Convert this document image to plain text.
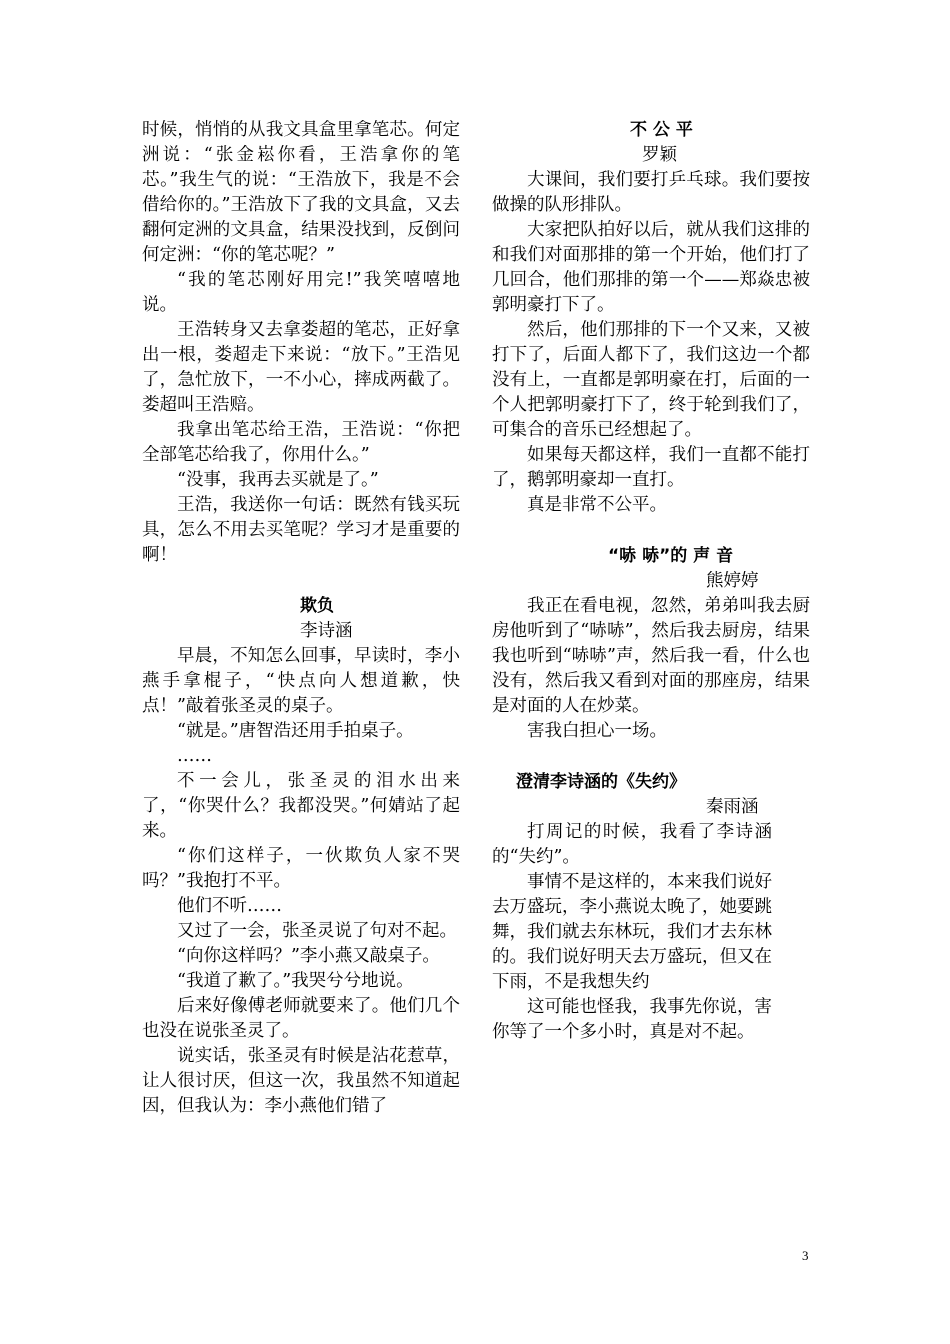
时候，悄悄的从我文具盒里拿笔芯。何定洲说：“张金崧你看，王浩拿你的笔芯。”我生气的说：“王浩放下，我是不会借给你的。”王浩放下了我的文具盒，又去翻何定洲的文具盒，结果没找到，反倒问何定洲：“你的笔芯呢？”

“我的笔芯刚好用完!”我笑嘻嘻地说。

王浩转身又去拿娄超的笔芯，正好拿出一根，娄超走下来说：“放下。”王浩见了，急忙放下，一不小心，摔成两截了。娄超叫王浩赔。

我拿出笔芯给王浩，王浩说：“你把全部笔芯给我了，你用什么。”

“没事，我再去买就是了。”

王浩，我送你一句话：既然有钱买玩具，怎么不用去买笔呢？学习才是重要的啊！

欺负

李诗涵

早晨，不知怎么回事，早读时，李小燕手拿棍子，“快点向人想道歉，快点！”敲着张圣灵的桌子。

“就是。”唐智浩还用手拍桌子。

……

不一会儿，张圣灵的泪水出来了，“你哭什么？我都没哭。”何婧站了起来。

“你们这样子，一伙欺负人家不哭吗？”我抱打不平。

他们不听……

又过了一会，张圣灵说了句对不起。

“向你这样吗？”李小燕又敲桌子。

“我道了歉了。”我哭兮兮地说。

后来好像傅老师就要来了。他们几个也没在说张圣灵了。

说实话，张圣灵有时候是沾花惹草，让人很讨厌，但这一次，我虽然不知道起因，但我认为：李小燕他们错了

不 公 平

罗颖

大课间，我们要打乒乓球。我们要按做操的队形排队。

大家把队拍好以后，就从我们这排的和我们对面那排的第一个开始，他们打了几回合，他们那排的第一个——郑焱忠被郭明豪打下了。

然后，他们那排的下一个又来，又被打下了，后面人都下了，我们这边一个都没有上，一直都是郭明豪在打，后面的一个人把郭明豪打下了，终于轮到我们了，可集合的音乐已经想起了。

如果每天都这样，我们一直都不能打了，鹅郭明豪却一直打。

真是非常不公平。

“哧 哧”的 声 音

熊婷婷

我正在看电视，忽然，弟弟叫我去厨房他听到了“哧哧”，然后我去厨房，结果我也听到“哧哧”声，然后我一看，什么也没有，然后我又看到对面的那座房，结果是对面的人在炒菜。

害我白担心一场。

澄清李诗涵的《失约》

秦雨涵

打周记的时候，我看了李诗涵的“失约”。

事情不是这样的，本来我们说好去万盛玩，李小燕说太晚了，她要跳舞，我们就去东林玩，我们才去东林的。我们说好明天去万盛玩，但又在下雨，不是我想失约

这可能也怪我，我事先你说，害你等了一个多小时，真是对不起。

3
